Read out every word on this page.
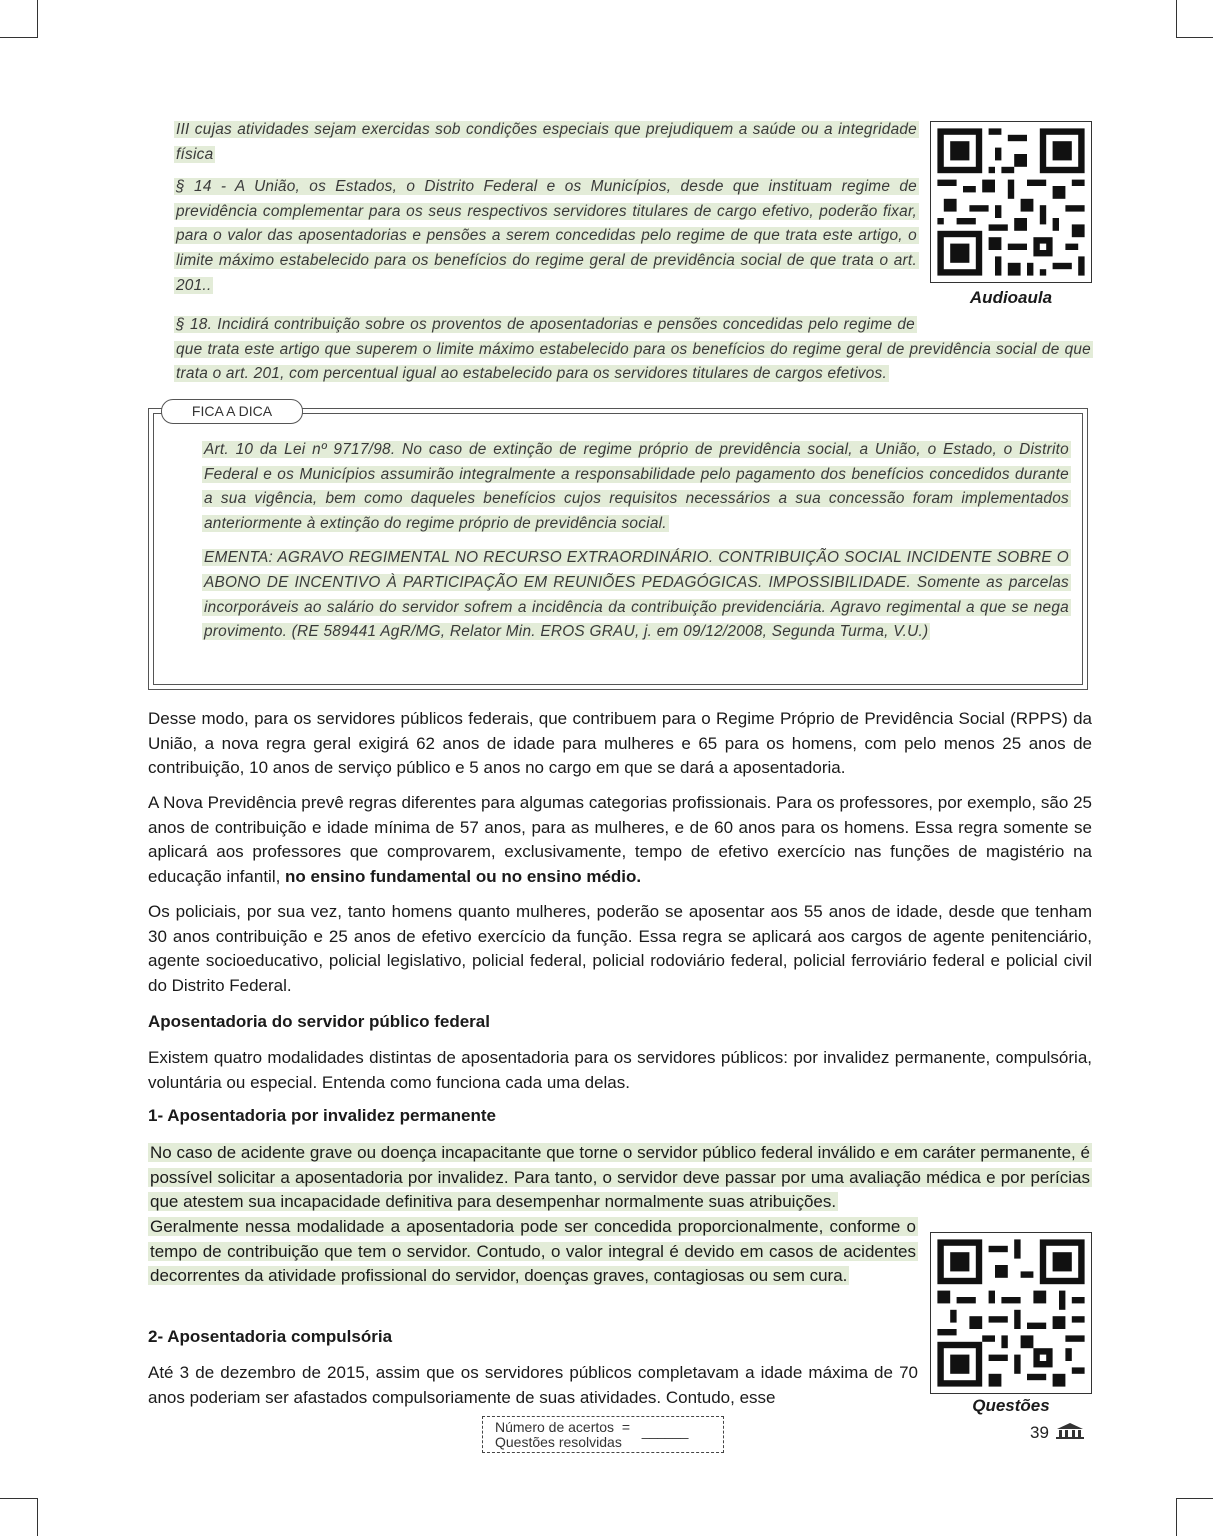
III cujas atividades sejam exercidas sob condições especiais que prejudiquem a saúde ou a integridade física

§ 14 - A União, os Estados, o Distrito Federal e os Municípios, desde que instituam regime de previdência complementar para os seus respectivos servidores titulares de cargo efetivo, poderão fixar, para o valor das aposentadorias e pensões a serem concedidas pelo regime de que trata este artigo, o limite máximo estabelecido para os benefícios do regime geral de previdência social de que trata o art. 201..

§ 18. Incidirá contribuição sobre os proventos de aposentadorias e pensões concedidas pelo regime de que trata este artigo que superem o limite máximo estabelecido para os benefícios do regime geral de previdência social de que trata o art. 201, com percentual igual ao estabelecido para os servidores titulares de cargos efetivos.

Audioaula
FICA A DICA

Art. 10 da Lei nº 9717/98. No caso de extinção de regime próprio de previdência social, a União, o Estado, o Distrito Federal e os Municípios assumirão integralmente a responsabilidade pelo pagamento dos benefícios concedidos durante a sua vigência, bem como daqueles benefícios cujos requisitos necessários a sua concessão foram implementados anteriormente à extinção do regime próprio de previdência social.

EMENTA: AGRAVO REGIMENTAL NO RECURSO EXTRAORDINÁRIO. CONTRIBUIÇÃO SOCIAL INCIDENTE SOBRE O ABONO DE INCENTIVO À PARTICIPAÇÃO EM REUNIÕES PEDAGÓGICAS. IMPOSSIBILIDADE. Somente as parcelas incorporáveis ao salário do servidor sofrem a incidência da contribuição previdenciária. Agravo regimental a que se nega provimento. (RE 589441 AgR/MG, Relator Min. EROS GRAU, j. em 09/12/2008, Segunda Turma, V.U.)

Desse modo, para os servidores públicos federais, que contribuem para o Regime Próprio de Previdência Social (RPPS) da União, a nova regra geral exigirá 62 anos de idade para mulheres e 65 para os homens, com pelo menos 25 anos de contribuição, 10 anos de serviço público e 5 anos no cargo em que se dará a aposentadoria.

A Nova Previdência prevê regras diferentes para algumas categorias profissionais. Para os professores, por exemplo, são 25 anos de contribuição e idade mínima de 57 anos, para as mulheres, e de 60 anos para os homens. Essa regra somente se aplicará aos professores que comprovarem, exclusivamente, tempo de efetivo exercício nas funções de magistério na educação infantil, no ensino fundamental ou no ensino médio.

Os policiais, por sua vez, tanto homens quanto mulheres, poderão se aposentar aos 55 anos de idade, desde que tenham 30 anos contribuição e 25 anos de efetivo exercício da função. Essa regra se aplicará aos cargos de agente penitenciário, agente socioeducativo, policial legislativo, policial federal, policial rodoviário federal, policial ferroviário federal e policial civil do Distrito Federal.

Aposentadoria do servidor público federal

Existem quatro modalidades distintas de aposentadoria para os servidores públicos: por invalidez permanente, compulsória, voluntária ou especial. Entenda como funciona cada uma delas.

1- Aposentadoria por invalidez permanente

No caso de acidente grave ou doença incapacitante que torne o servidor público federal inválido e em caráter permanente, é possível solicitar a aposentadoria por invalidez. Para tanto, o servidor deve passar por uma avaliação médica e por perícias que atestem sua incapacidade definitiva para desempenhar normalmente suas atribuições.

Geralmente nessa modalidade a aposentadoria pode ser concedida proporcionalmente, conforme o tempo de contribuição que tem o servidor. Contudo, o valor integral é devido em casos de acidentes decorrentes da atividade profissional do servidor, doenças graves, contagiosas ou sem cura.

2- Aposentadoria compulsória

Até 3 de dezembro de 2015, assim que os servidores públicos completavam a idade máxima de 70 anos poderiam ser afastados compulsoriamente de suas atividades. Contudo, esse	Questões
Número de acertos = ______
Questões resolvidas	39
